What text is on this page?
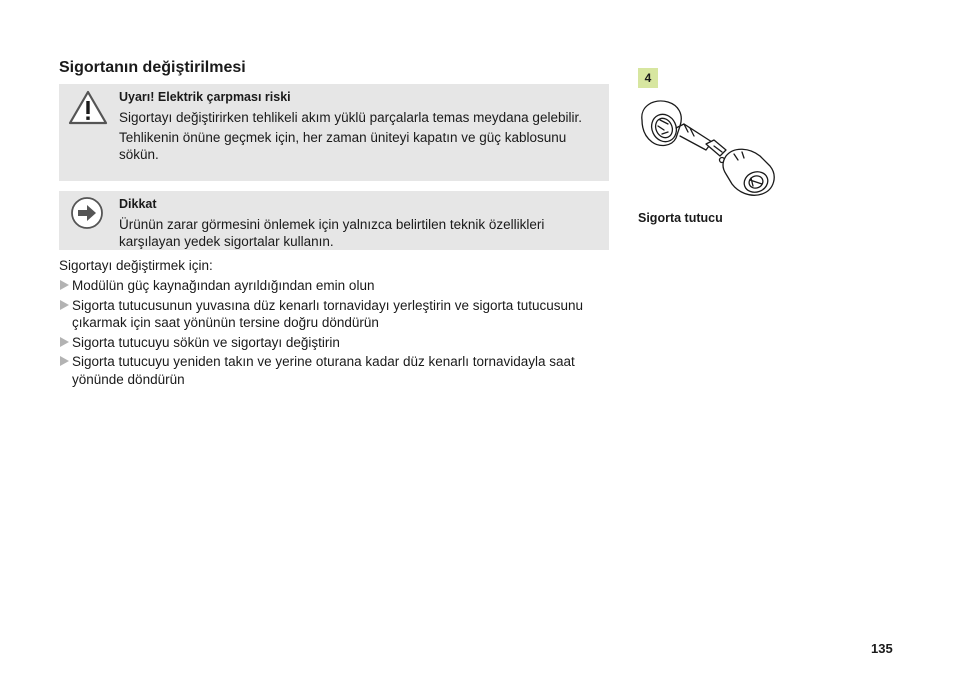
Sigortanın değiştirilmesi
Uyarı! Elektrik çarpması riski

Sigortayı değiştirirken tehlikeli akım yüklü parçalarla temas meydana gelebilir.

Tehlikenin önüne geçmek için, her zaman üniteyi kapatın ve güç kablosunu sökün.

Dikkat

Ürünün zarar görmesini önlemek için yalnızca belirtilen teknik özellikleri karşılayan yedek sigortalar kullanın.

Sigortayı değiştirmek için:

Modülün güç kaynağından ayrıldığından emin olun
Sigorta tutucusunun yuvasına düz kenarlı tornavidayı yerleştirin ve sigorta tutucusunu çıkarmak için saat yönünün tersine doğru döndürün
Sigorta tutucuyu sökün ve sigortayı değiştirin
Sigorta tutucuyu yeniden takın ve yerine oturana kadar düz kenarlı tornavidayla saat yönünde döndürün
4
Sigorta tutucu
135
